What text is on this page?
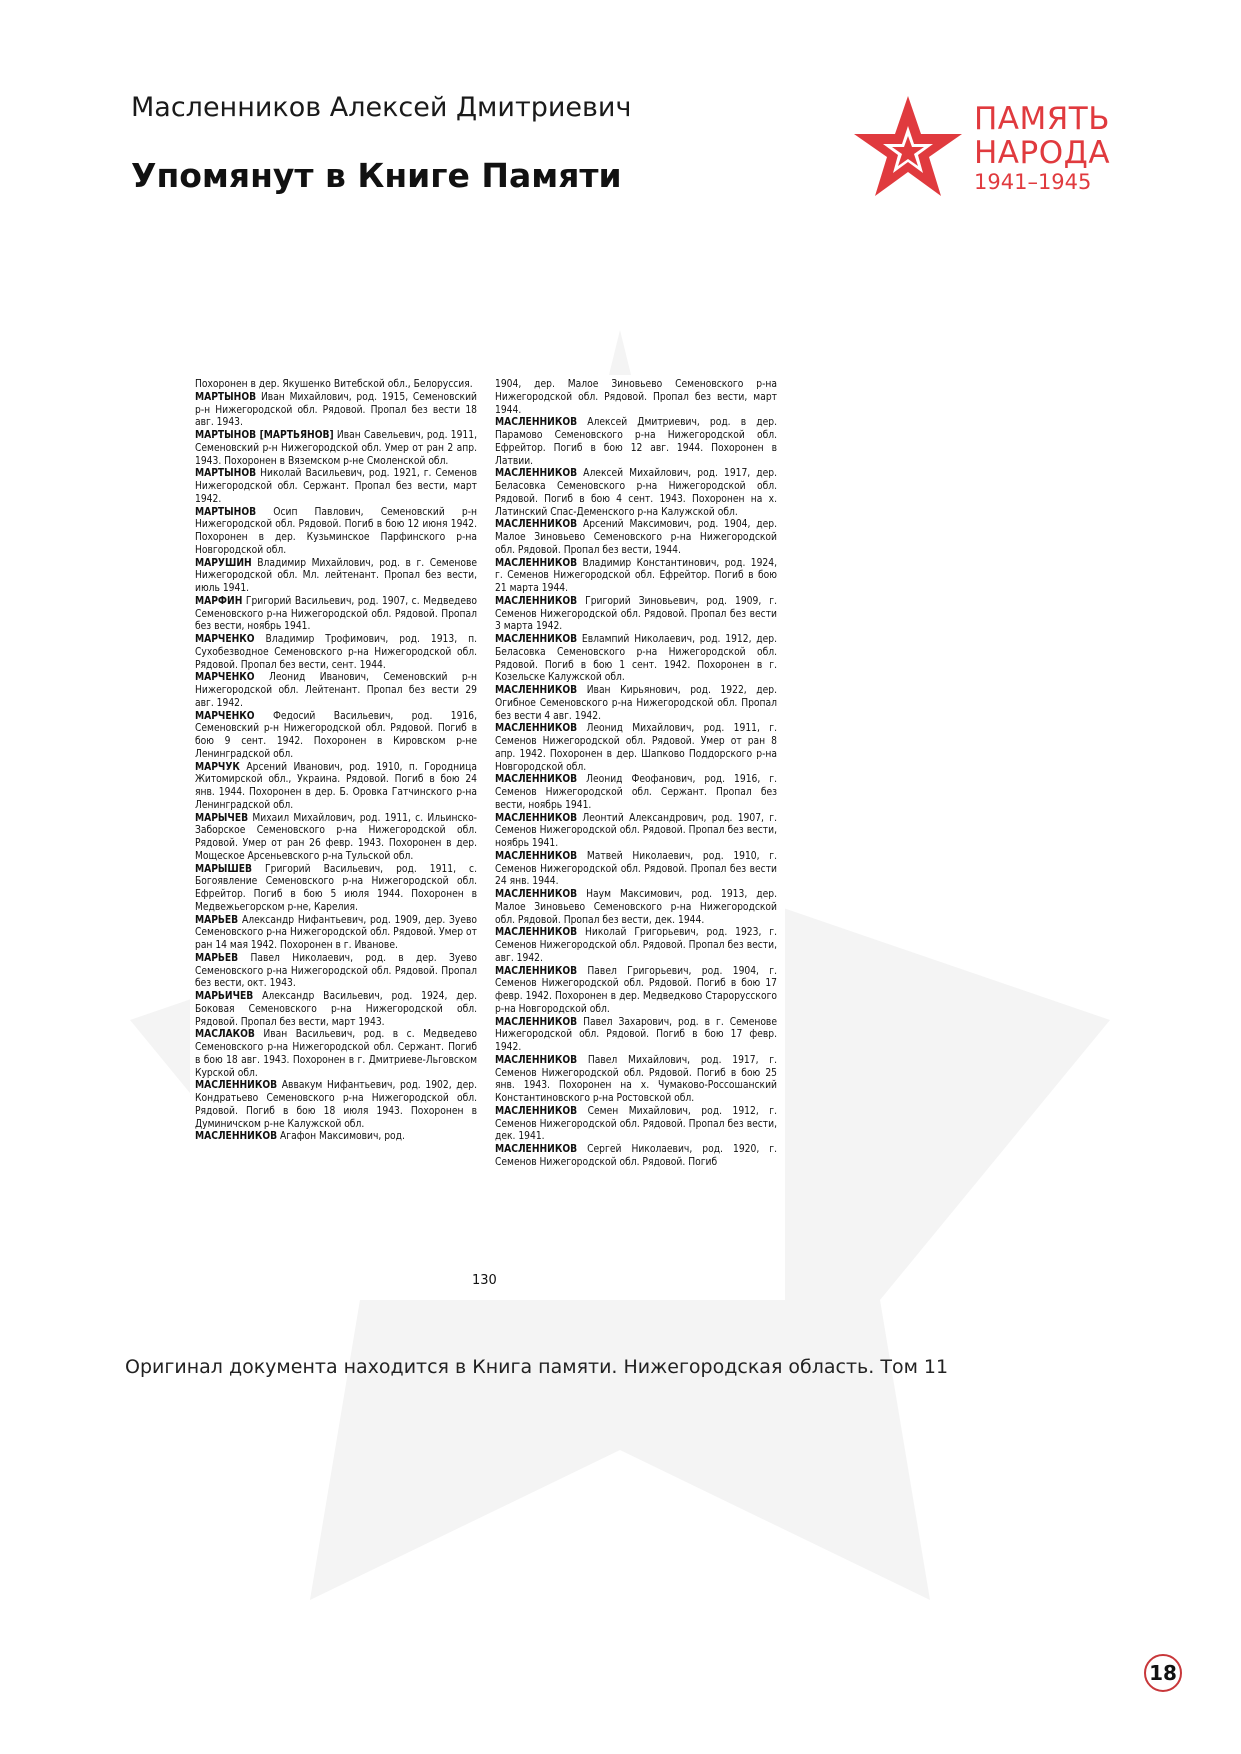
Масленников Алексей Дмитриевич
Упомянут в Книге Памяти
ПАМЯТЬ
НАРОДА
1941–1945

Похоронен в дер. Якушенко Витебской обл., Белоруссия.

МАРТЫНОВ Иван Михайлович, род. 1915, Семеновский р-н Нижегородской обл. Рядовой. Пропал без вести 18 авг. 1943.

МАРТЫНОВ [МАРТЬЯНОВ] Иван Савельевич, род. 1911, Семеновский р-н Нижегородской обл. Умер от ран 2 апр. 1943. Похоронен в Вяземском р-не Смоленской обл.

МАРТЫНОВ Николай Васильевич, род. 1921, г. Семенов Нижегородской обл. Сержант. Пропал без вести, март 1942.

МАРТЫНОВ Осип Павлович, Семеновский р-н Нижегородской обл. Рядовой. Погиб в бою 12 июня 1942. Похоронен в дер. Кузьминское Парфинского р-на Новгородской обл.

МАРУШИН Владимир Михайлович, род. в г. Семенове Нижегородской обл. Мл. лейтенант. Пропал без вести, июль 1941.

МАРФИН Григорий Васильевич, род. 1907, с. Медведево Семеновского р-на Нижегородской обл. Рядовой. Пропал без вести, ноябрь 1941.

МАРЧЕНКО Владимир Трофимович, род. 1913, п. Сухобезводное Семеновского р-на Нижегородской обл. Рядовой. Пропал без вести, сент. 1944.

МАРЧЕНКО Леонид Иванович, Семеновский р-н Нижегородской обл. Лейтенант. Пропал без вести 29 авг. 1942.

МАРЧЕНКО Федосий Васильевич, род. 1916, Семеновский р-н Нижегородской обл. Рядовой. Погиб в бою 9 сент. 1942. Похоронен в Кировском р-не Ленинградской обл.

МАРЧУК Арсений Иванович, род. 1910, п. Городница Житомирской обл., Украина. Рядовой. Погиб в бою 24 янв. 1944. Похоронен в дер. Б. Оровка Гатчинского р-на Ленинградской обл.

МАРЫЧЕВ Михаил Михайлович, род. 1911, с. Ильинско-Заборское Семеновского р-на Нижегородской обл. Рядовой. Умер от ран 26 февр. 1943. Похоронен в дер. Мощеское Арсеньевского р-на Тульской обл.

МАРЫШЕВ Григорий Васильевич, род. 1911, с. Богоявление Семеновского р-на Нижегородской обл. Ефрейтор. Погиб в бою 5 июля 1944. Похоронен в Медвежьегорском р-не, Карелия.

МАРЬЕВ Александр Нифантьевич, род. 1909, дер. Зуево Семеновского р-на Нижегородской обл. Рядовой. Умер от ран 14 мая 1942. Похоронен в г. Иванове.

МАРЬЕВ Павел Николаевич, род. в дер. Зуево Семеновского р-на Нижегородской обл. Рядовой. Пропал без вести, окт. 1943.

МАРЬИЧЕВ Александр Васильевич, род. 1924, дер. Боковая Семеновского р-на Нижегородской обл. Рядовой. Пропал без вести, март 1943.

МАСЛАКОВ Иван Васильевич, род. в с. Медведево Семеновского р-на Нижегородской обл. Сержант. Погиб в бою 18 авг. 1943. Похоронен в г. Дмитриеве-Льговском Курской обл.

МАСЛЕННИКОВ Аввакум Нифантьевич, род. 1902, дер. Кондратьево Семеновского р-на Нижегородской обл. Рядовой. Погиб в бою 18 июля 1943. Похоронен в Думиничском р-не Калужской обл.

МАСЛЕННИКОВ Агафон Максимович, род.

1904, дер. Малое Зиновьево Семеновского р-на Нижегородской обл. Рядовой. Пропал без вести, март 1944.

МАСЛЕННИКОВ Алексей Дмитриевич, род. в дер. Парамово Семеновского р-на Нижегородской обл. Ефрейтор. Погиб в бою 12 авг. 1944. Похоронен в Латвии.

МАСЛЕННИКОВ Алексей Михайлович, род. 1917, дер. Беласовка Семеновского р-на Нижегородской обл. Рядовой. Погиб в бою 4 сент. 1943. Похоронен на х. Латинский Спас-Деменского р-на Калужской обл.

МАСЛЕННИКОВ Арсений Максимович, род. 1904, дер. Малое Зиновьево Семеновского р-на Нижегородской обл. Рядовой. Пропал без вести, 1944.

МАСЛЕННИКОВ Владимир Константинович, род. 1924, г. Семенов Нижегородской обл. Ефрейтор. Погиб в бою 21 марта 1944.

МАСЛЕННИКОВ Григорий Зиновьевич, род. 1909, г. Семенов Нижегородской обл. Рядовой. Пропал без вести 3 марта 1942.

МАСЛЕННИКОВ Евлампий Николаевич, род. 1912, дер. Беласовка Семеновского р-на Нижегородской обл. Рядовой. Погиб в бою 1 сент. 1942. Похоронен в г. Козельске Калужской обл.

МАСЛЕННИКОВ Иван Кирьянович, род. 1922, дер. Огибное Семеновского р-на Нижегородской обл. Пропал без вести 4 авг. 1942.

МАСЛЕННИКОВ Леонид Михайлович, род. 1911, г. Семенов Нижегородской обл. Рядовой. Умер от ран 8 апр. 1942. Похоронен в дер. Шапково Поддорского р-на Новгородской обл.

МАСЛЕННИКОВ Леонид Феофанович, род. 1916, г. Семенов Нижегородской обл. Сержант. Пропал без вести, ноябрь 1941.

МАСЛЕННИКОВ Леонтий Александрович, род. 1907, г. Семенов Нижегородской обл. Рядовой. Пропал без вести, ноябрь 1941.

МАСЛЕННИКОВ Матвей Николаевич, род. 1910, г. Семенов Нижегородской обл. Рядовой. Пропал без вести 24 янв. 1944.

МАСЛЕННИКОВ Наум Максимович, род. 1913, дер. Малое Зиновьево Семеновского р-на Нижегородской обл. Рядовой. Пропал без вести, дек. 1944.

МАСЛЕННИКОВ Николай Григорьевич, род. 1923, г. Семенов Нижегородской обл. Рядовой. Пропал без вести, авг. 1942.

МАСЛЕННИКОВ Павел Григорьевич, род. 1904, г. Семенов Нижегородской обл. Рядовой. Погиб в бою 17 февр. 1942. Похоронен в дер. Медведково Старорусского р-на Новгородской обл.

МАСЛЕННИКОВ Павел Захарович, род. в г. Семенове Нижегородской обл. Рядовой. Погиб в бою 17 февр. 1942.

МАСЛЕННИКОВ Павел Михайлович, род. 1917, г. Семенов Нижегородской обл. Рядовой. Погиб в бою 25 янв. 1943. Похоронен на х. Чумаково-Россошанский Константиновского р-на Ростовской обл.

МАСЛЕННИКОВ Семен Михайлович, род. 1912, г. Семенов Нижегородской обл. Рядовой. Пропал без вести, дек. 1941.

МАСЛЕННИКОВ Сергей Николаевич, род. 1920, г. Семенов Нижегородской обл. Рядовой. Погиб

130
Оригинал документа находится в Книга памяти. Нижегородская область. Том 11
18
